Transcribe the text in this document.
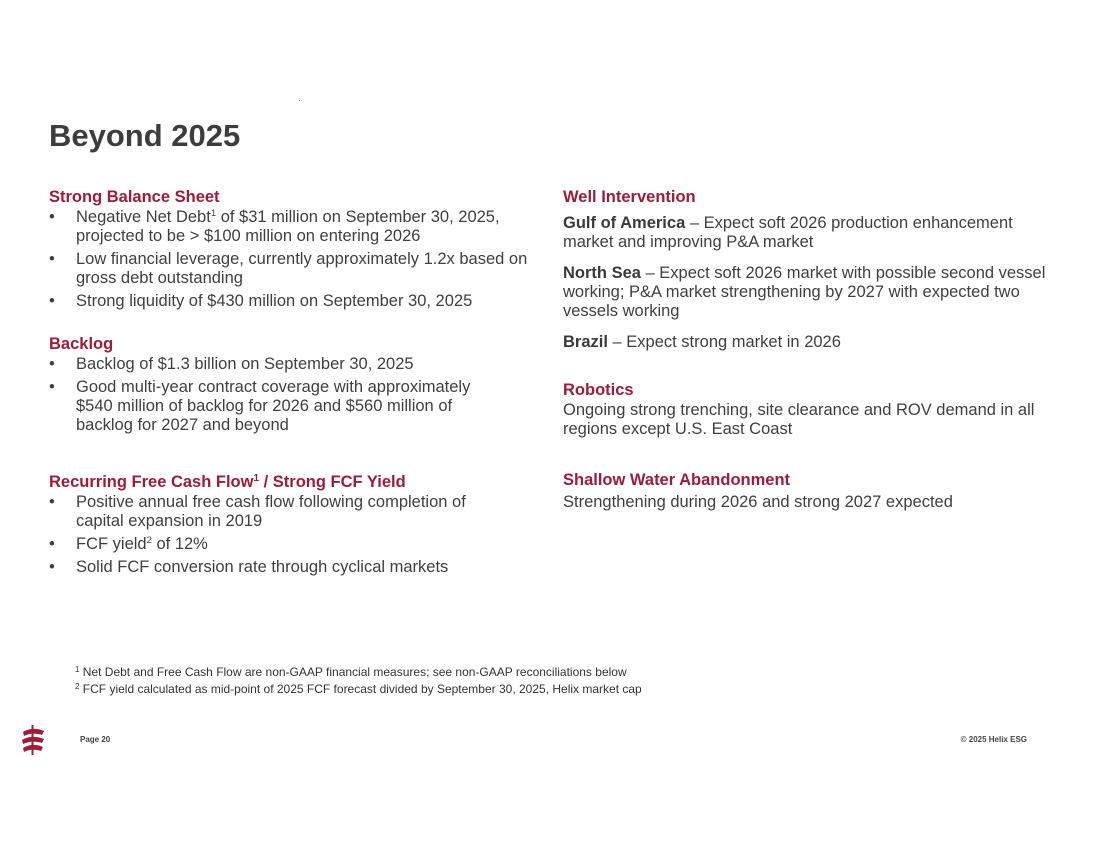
Beyond 2025
Strong Balance Sheet
•	Negative Net Debt$^1$ of $31 million on September 30, 2025, projected to be > $100 million on entering 2026
•	Low financial leverage, currently approximately 1.2x based on gross debt outstanding
•	Strong liquidity of $430 million on September 30, 2025
Backlog
•	Backlog of $1.3 billion on September 30, 2025
•	Good multi-year contract coverage with approximately $540 million of backlog for 2026 and $560 million of backlog for 2027 and beyond
Recurring Free Cash Flow$^1$ / Strong FCF Yield
•	Positive annual free cash flow following completion of capital expansion in 2019
•	FCF yield$^2$ of 12%
•	Solid FCF conversion rate through cyclical markets
Well Intervention

Gulf of America – Expect soft 2026 production enhancement market and improving P&A market

North Sea – Expect soft 2026 market with possible second vessel working; P&A market strengthening by 2027 with expected two vessels working

Brazil – Expect strong market in 2026

Robotics

Ongoing strong trenching, site clearance and ROV demand in all regions except U.S. East Coast

Shallow Water Abandonment

Strengthening during 2026 and strong 2027 expected

$^1$ Net Debt and Free Cash Flow are non-GAAP financial measures; see non-GAAP reconciliations below
$^2$ FCF yield calculated as mid-point of 2025 FCF forecast divided by September 30, 2025, Helix market cap
Page 20	© 2025 Helix ESG
